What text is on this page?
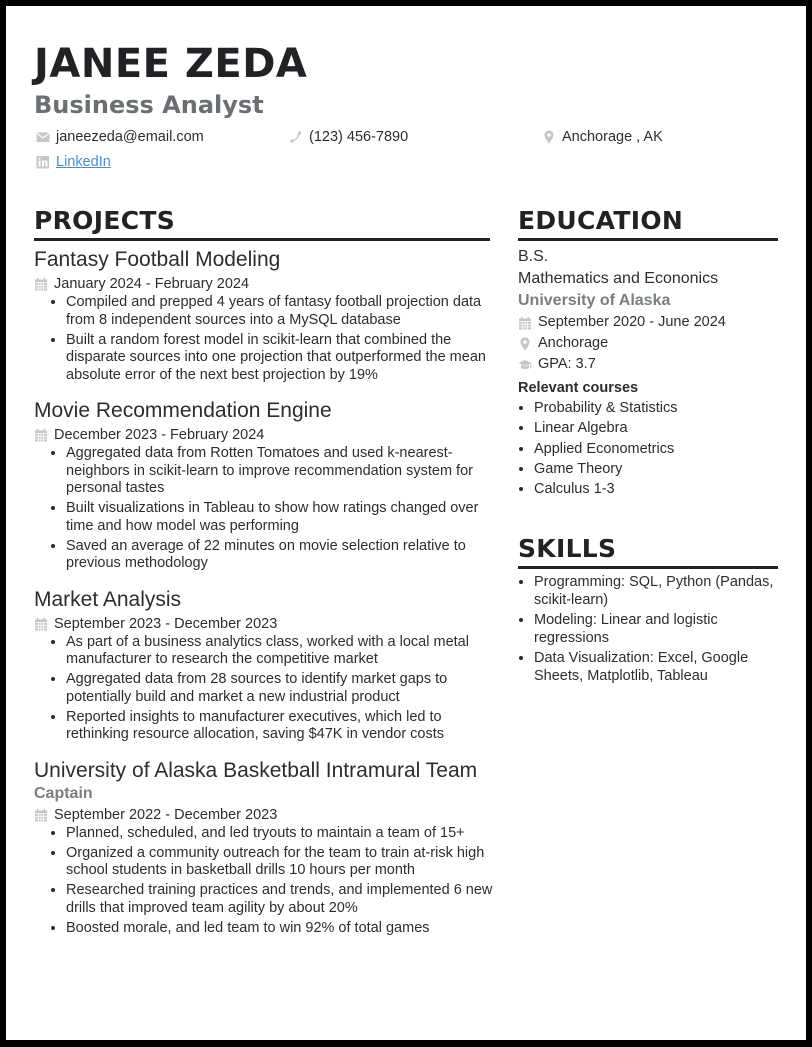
JANEE ZEDA
Business Analyst
janeezeda@email.com	(123) 456-7890	Anchorage , AK
LinkedIn
PROJECTS
Fantasy Football Modeling
January 2024 - February 2024
• Compiled and prepped 4 years of fantasy football projection data from 8 independent sources into a MySQL database
• Built a random forest model in scikit-learn that combined the disparate sources into one projection that outperformed the mean absolute error of the next best projection by 19%
Movie Recommendation Engine
December 2023 - February 2024
• Aggregated data from Rotten Tomatoes and used k-nearest-neighbors in scikit-learn to improve recommendation system for personal tastes
• Built visualizations in Tableau to show how ratings changed over time and how model was performing
• Saved an average of 22 minutes on movie selection relative to previous methodology
Market Analysis
September 2023 - December 2023
• As part of a business analytics class, worked with a local metal manufacturer to research the competitive market
• Aggregated data from 28 sources to identify market gaps to potentially build and market a new industrial product
• Reported insights to manufacturer executives, which led to rethinking resource allocation, saving $47K in vendor costs
University of Alaska Basketball Intramural Team
Captain
September 2022 - December 2023
• Planned, scheduled, and led tryouts to maintain a team of 15+
• Organized a community outreach for the team to train at-risk high school students in basketball drills 10 hours per month
• Researched training practices and trends, and implemented 6 new drills that improved team agility by about 20%
• Boosted morale, and led team to win 92% of total games
EDUCATION
B.S.
Mathematics and Econonics
University of Alaska
September 2020 - June 2024
Anchorage
GPA: 3.7
Relevant courses
• Probability & Statistics
• Linear Algebra
• Applied Econometrics
• Game Theory
• Calculus 1-3
SKILLS
• Programming: SQL, Python (Pandas, scikit-learn)
• Modeling: Linear and logistic regressions
• Data Visualization: Excel, Google Sheets, Matplotlib, Tableau
